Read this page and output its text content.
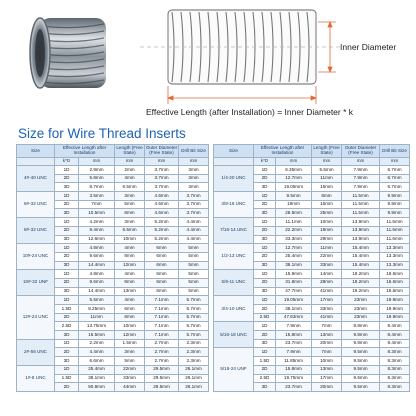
Inner Diameter
Effective Length (after Installation) = Inner Diameter * k
Size for Wire Thread Inserts
Size	Effective Length after Installation		Length (Free State)	Outer Diameter (Free State)	Drill Bit Size
	k*D	mm	mm	mm	mm
4#-40 UNC	1D	2.9mm	2mm	3.7mm	3mm
	2D	5.8mm	4mm	3.7mm	3mm
	3D	8.7mm	6.5mm	3.7mm	3mm
6#-32 UNC	1D	3.5mm	3mm	4.6mm	3.7mm
	2D	7mm	5mm	4.6mm	3.7mm
	3D	10.5mm	8mm	4.6mm	3.7mm
8#-32 UNC	1D	4.2mm	3mm	5.2mm	4.4mm
	2D	8.4mm	6.5mm	5.2mm	4.4mm
	3D	12.6mm	10mm	5.2mm	4.4mm
10#-24 UNC	1D	4.8mm	4mm	6mm	5mm
	2D	9.6mm	8mm	6mm	5mm
	3D	14.4mm	12mm	6mm	5mm
10#-32 UNF	1D	4.8mm	4mm	6mm	5mm
	2D	9.6mm	8mm	6mm	5mm
	3D	14.4mm	13mm	6mm	5mm
12#-24 UNC	1D	5.5mm	4mm	7.1mm	5.7mm
	1.5D	8.25mm	6mm	7.1mm	5.7mm
	2D	11mm	8mm	7.1mm	5.7mm
	2.5D	13.75mm	10mm	7.1mm	5.7mm
	3D	16.5mm	12mm	7.1mm	5.7mm
2#-56 UNC	1D	2.2mm	1.5mm	2.7mm	2.3mm
	2D	4.4mm	3mm	2.7mm	2.3mm
	3D	6.6mm	5mm	2.7mm	2.3mm
1#-8 UNC	1D	25.4mm	22mm	29.5mm	26.1mm
	1.5D	38.1mm	33mm	29.5mm	26.1mm
	2D	50.8mm	44mm	29.5mm	26.1mm
Size	Effective Length after Installation		Length (Free State)	Outer Diameter (Free State)	Drill Bit Size
	k*D	mm	mm	mm	mm
1/4-20 UNC	1D	6.35mm	5.5mm	7.9mm	6.7mm
	2D	12.7mm	11mm	7.9mm	6.7mm
	3D	19.05mm	16mm	7.9mm	6.7mm
3/8-16 UNC	1D	9.5mm	8mm	11.5mm	9.9mm
	2D	19mm	16mm	11.5mm	9.9mm
	3D	28.5mm	25mm	11.5mm	9.9mm
7/16-14 UNC	1D	11.1mm	10mm	13.9mm	11.6mm
	2D	22.2mm	19mm	13.9mm	11.6mm
	3D	33.3mm	29mm	13.9mm	11.6mm
1/2-13 UNC	1D	12.7mm	11mm	15.4mm	13.3mm
	2D	25.4mm	22mm	15.4mm	13.3mm
	3D	38.1mm	33mm	15.4mm	13.3mm
5/8-11 UNC	1D	15.9mm	14mm	19.2mm	16.6mm
	2D	31.8mm	28mm	19.2mm	16.6mm
	3D	47.7mm	41mm	19.2mm	16.6mm
3/4-10 UNC	1D	19.05mm	17mm	23mm	19.9mm
	2D	38.1mm	33mm	23mm	19.9mm
	2.5D	47.63mm	41mm	23mm	19.9mm
5/16-18 UNC	1D	7.9mm	7mm	9.8mm	8.4mm
	2D	15.8mm	13mm	9.8mm	8.4mm
	3D	23.7mm	20mm	9.8mm	8.4mm
5/16-24 UNF	1D	7.9mm	7mm	9.5mm	8.3mm
	1.5D	11.85mm	10mm	9.5mm	8.3mm
	2D	15.8mm	13mm	9.5mm	8.3mm
	2.5D	19.75mm	17mm	9.5mm	8.3mm
	3D	23.7mm	20mm	9.5mm	8.3mm
